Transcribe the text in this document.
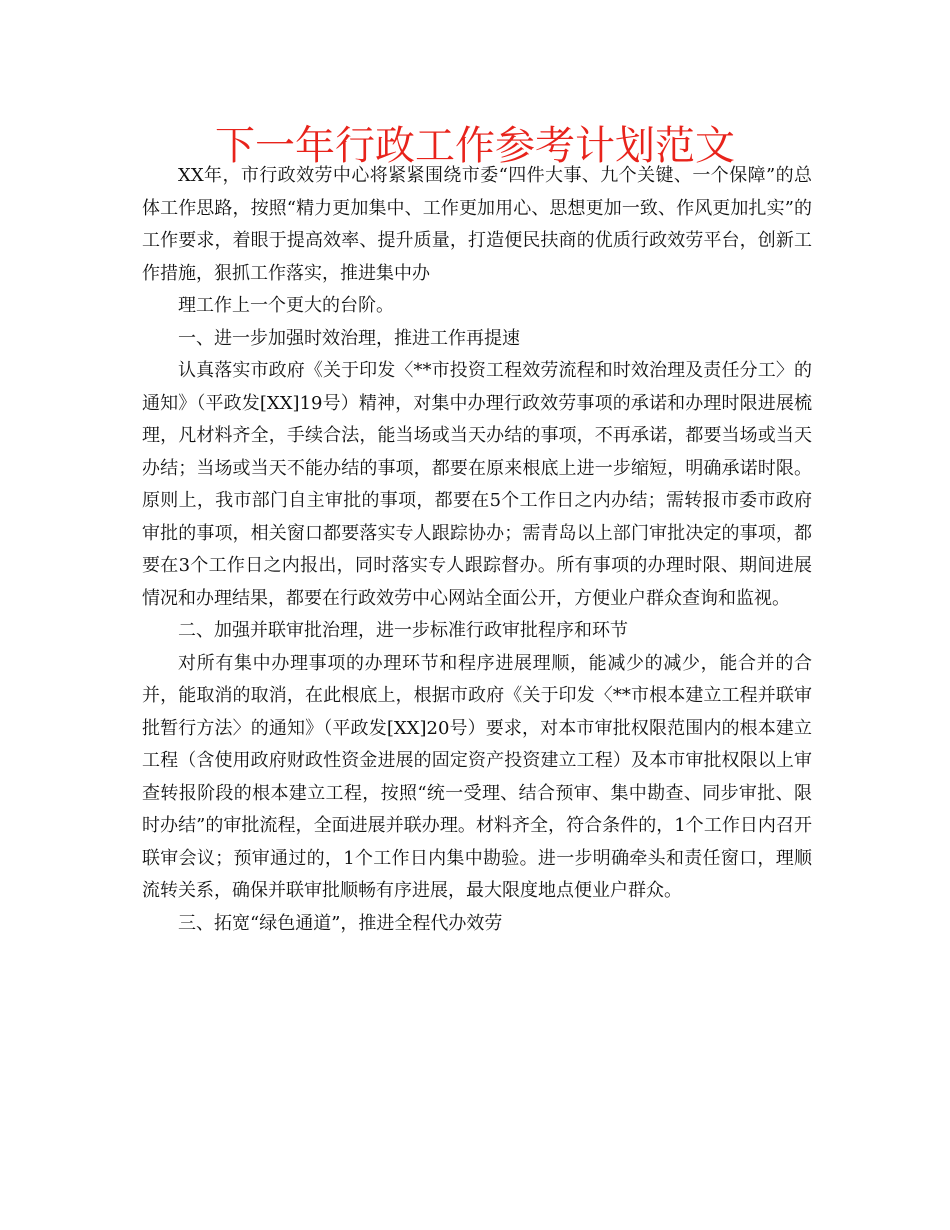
下一年行政工作参考计划范文

XX年，市行政效劳中心将紧紧围绕市委“四件大事、九个关键、一个保障”的总体工作思路，按照“精力更加集中、工作更加用心、思想更加一致、作风更加扎实”的工作要求，着眼于提高效率、提升质量，打造便民扶商的优质行政效劳平台，创新工作措施，狠抓工作落实，推进集中办

理工作上一个更大的台阶。

一、进一步加强时效治理，推进工作再提速

认真落实市政府《关于印发〈**市投资工程效劳流程和时效治理及责任分工〉的通知》（平政发[XX]19号）精神，对集中办理行政效劳事项的承诺和办理时限进展梳理，凡材料齐全，手续合法，能当场或当天办结的事项，不再承诺，都要当场或当天办结；当场或当天不能办结的事项，都要在原来根底上进一步缩短，明确承诺时限。原则上，我市部门自主审批的事项，都要在5个工作日之内办结；需转报市委市政府审批的事项，相关窗口都要落实专人跟踪协办；需青岛以上部门审批决定的事项，都要在3个工作日之内报出，同时落实专人跟踪督办。所有事项的办理时限、期间进展情况和办理结果，都要在行政效劳中心网站全面公开，方便业户群众查询和监视。

二、加强并联审批治理，进一步标准行政审批程序和环节

对所有集中办理事项的办理环节和程序进展理顺，能减少的减少，能合并的合并，能取消的取消，在此根底上，根据市政府《关于印发〈**市根本建立工程并联审批暂行方法〉的通知》（平政发[XX]20号）要求，对本市审批权限范围内的根本建立工程（含使用政府财政性资金进展的固定资产投资建立工程）及本市审批权限以上审查转报阶段的根本建立工程，按照“统一受理、结合预审、集中勘查、同步审批、限时办结”的审批流程，全面进展并联办理。材料齐全，符合条件的，1个工作日内召开联审会议；预审通过的，1个工作日内集中勘验。进一步明确牵头和责任窗口，理顺流转关系，确保并联审批顺畅有序进展，最大限度地点便业户群众。

三、拓宽“绿色通道”，推进全程代办效劳
